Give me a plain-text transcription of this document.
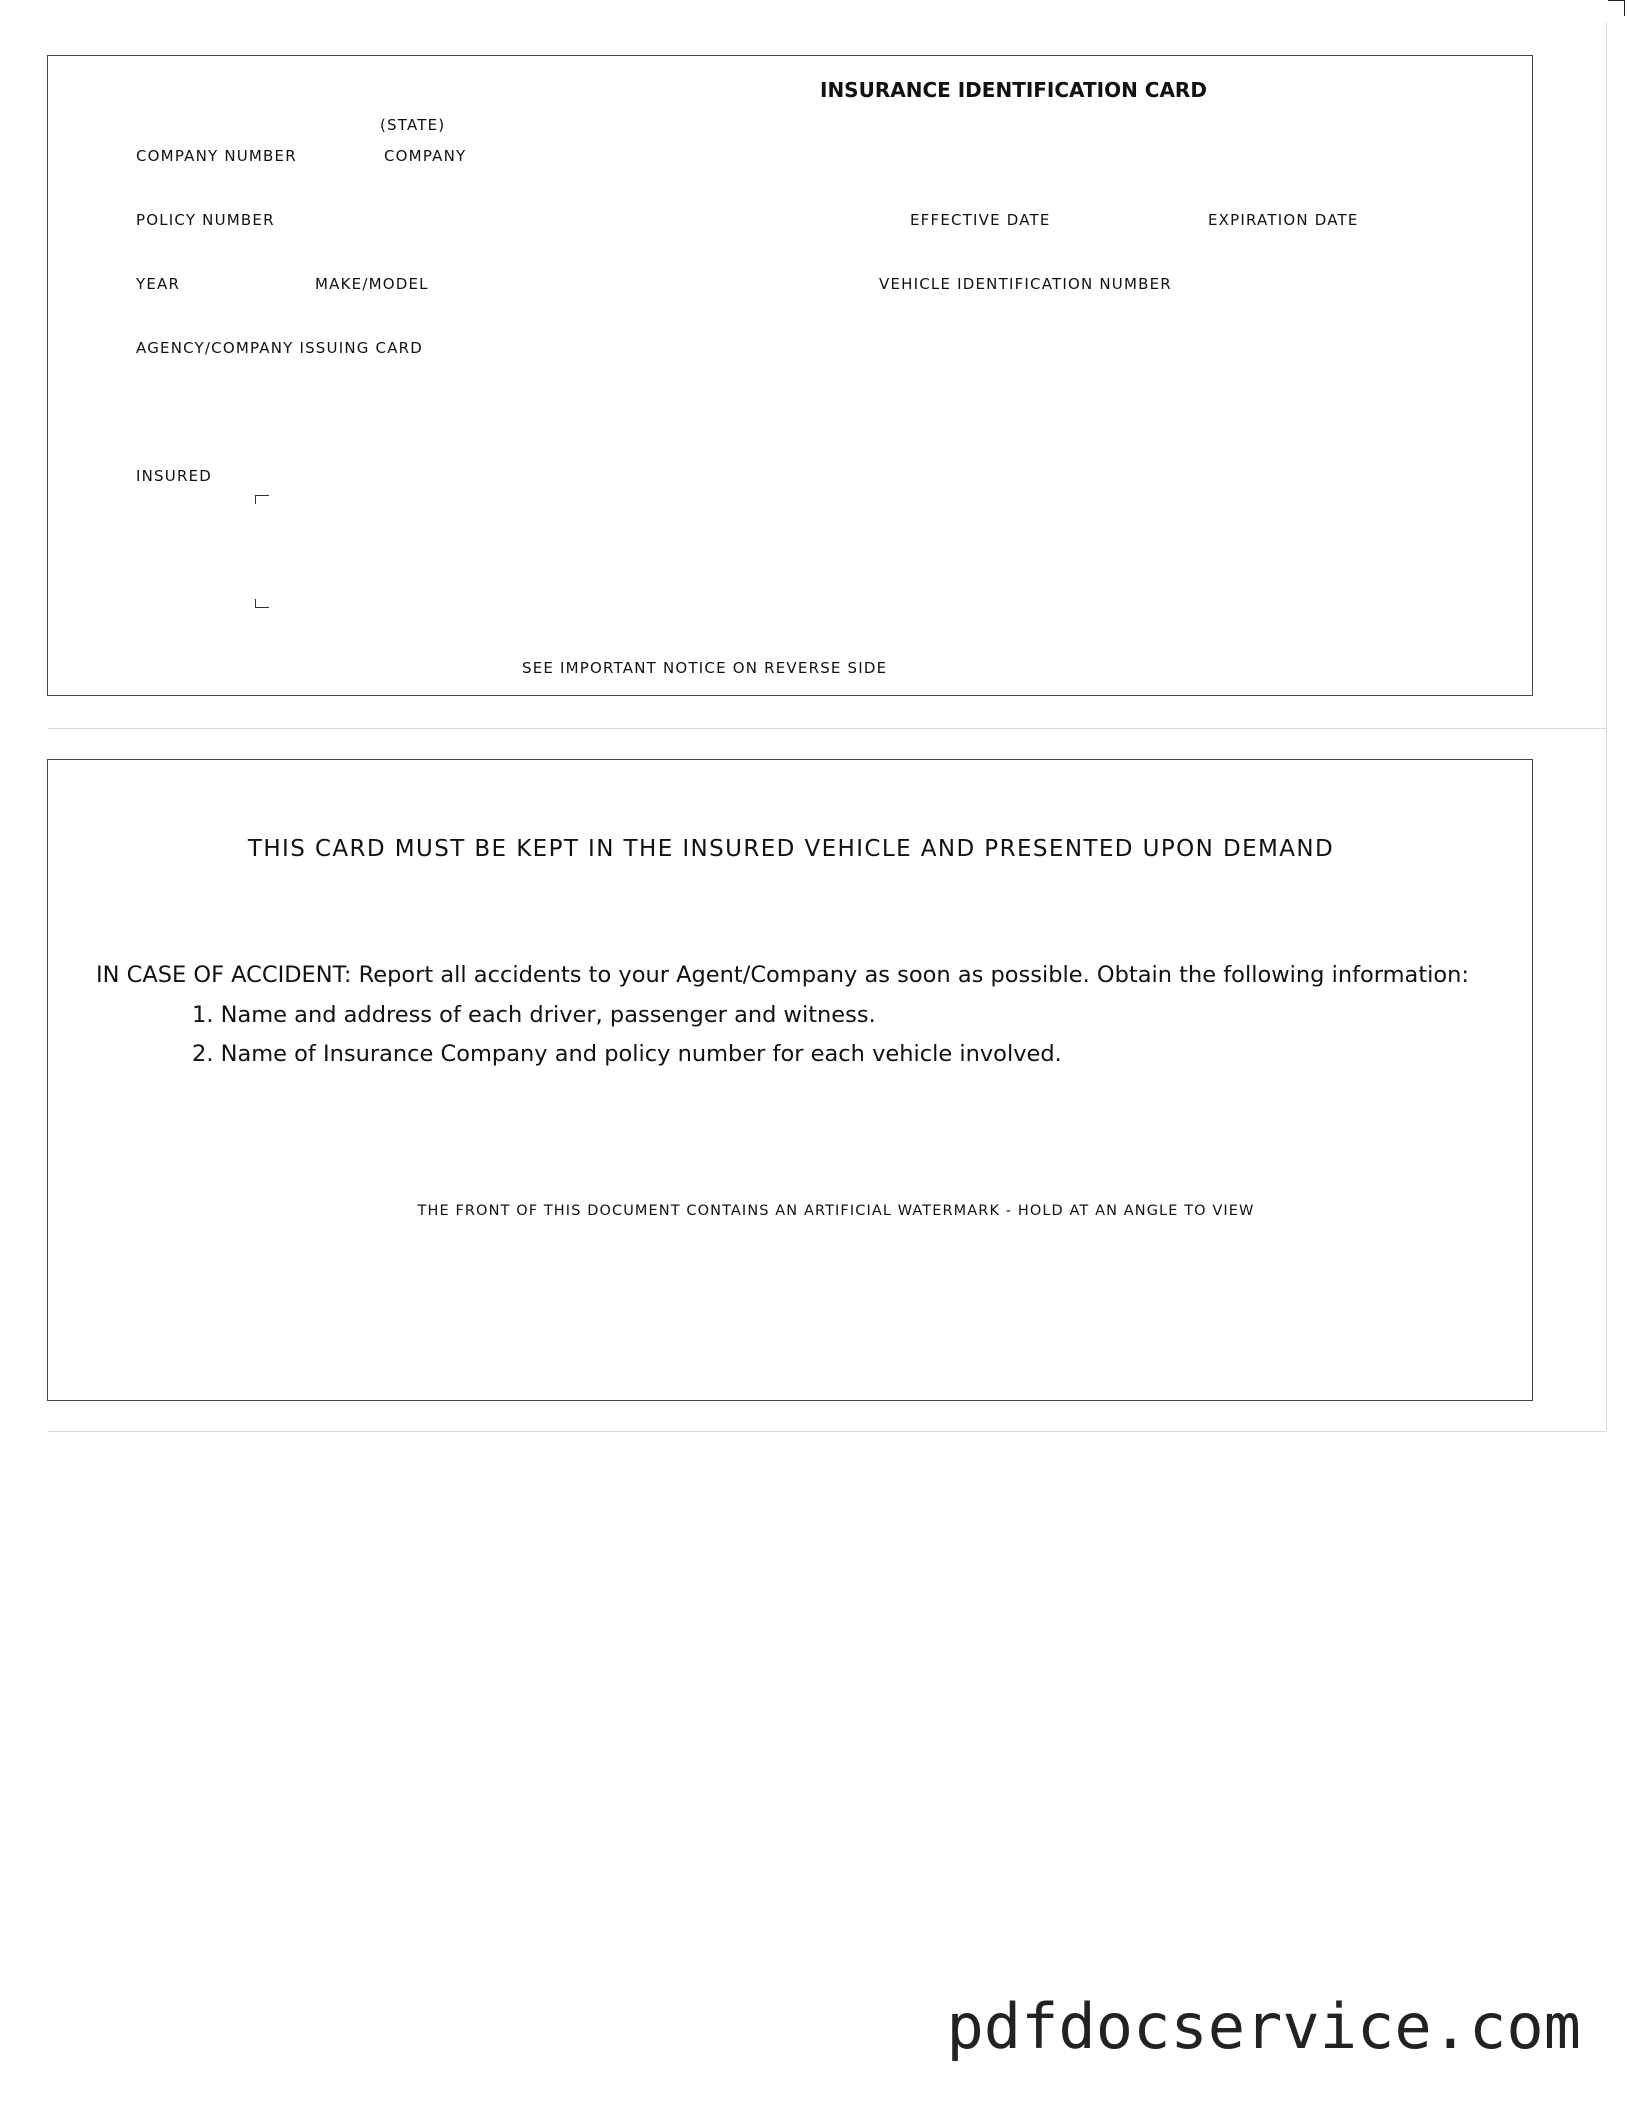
INSURANCE IDENTIFICATION CARD
(STATE)
COMPANY NUMBER	COMPANY
POLICY NUMBER	EFFECTIVE DATE	EXPIRATION DATE
YEAR	MAKE/MODEL	VEHICLE IDENTIFICATION NUMBER
AGENCY/COMPANY ISSUING CARD
INSURED
SEE IMPORTANT NOTICE ON REVERSE SIDE
THIS CARD MUST BE KEPT IN THE INSURED VEHICLE AND PRESENTED UPON DEMAND
IN CASE OF ACCIDENT: Report all accidents to your Agent/Company as soon as possible. Obtain the following information:
1. Name and address of each driver, passenger and witness.
2. Name of Insurance Company and policy number for each vehicle involved.
THE FRONT OF THIS DOCUMENT CONTAINS AN ARTIFICIAL WATERMARK - HOLD AT AN ANGLE TO VIEW
pdfdocservice.com
